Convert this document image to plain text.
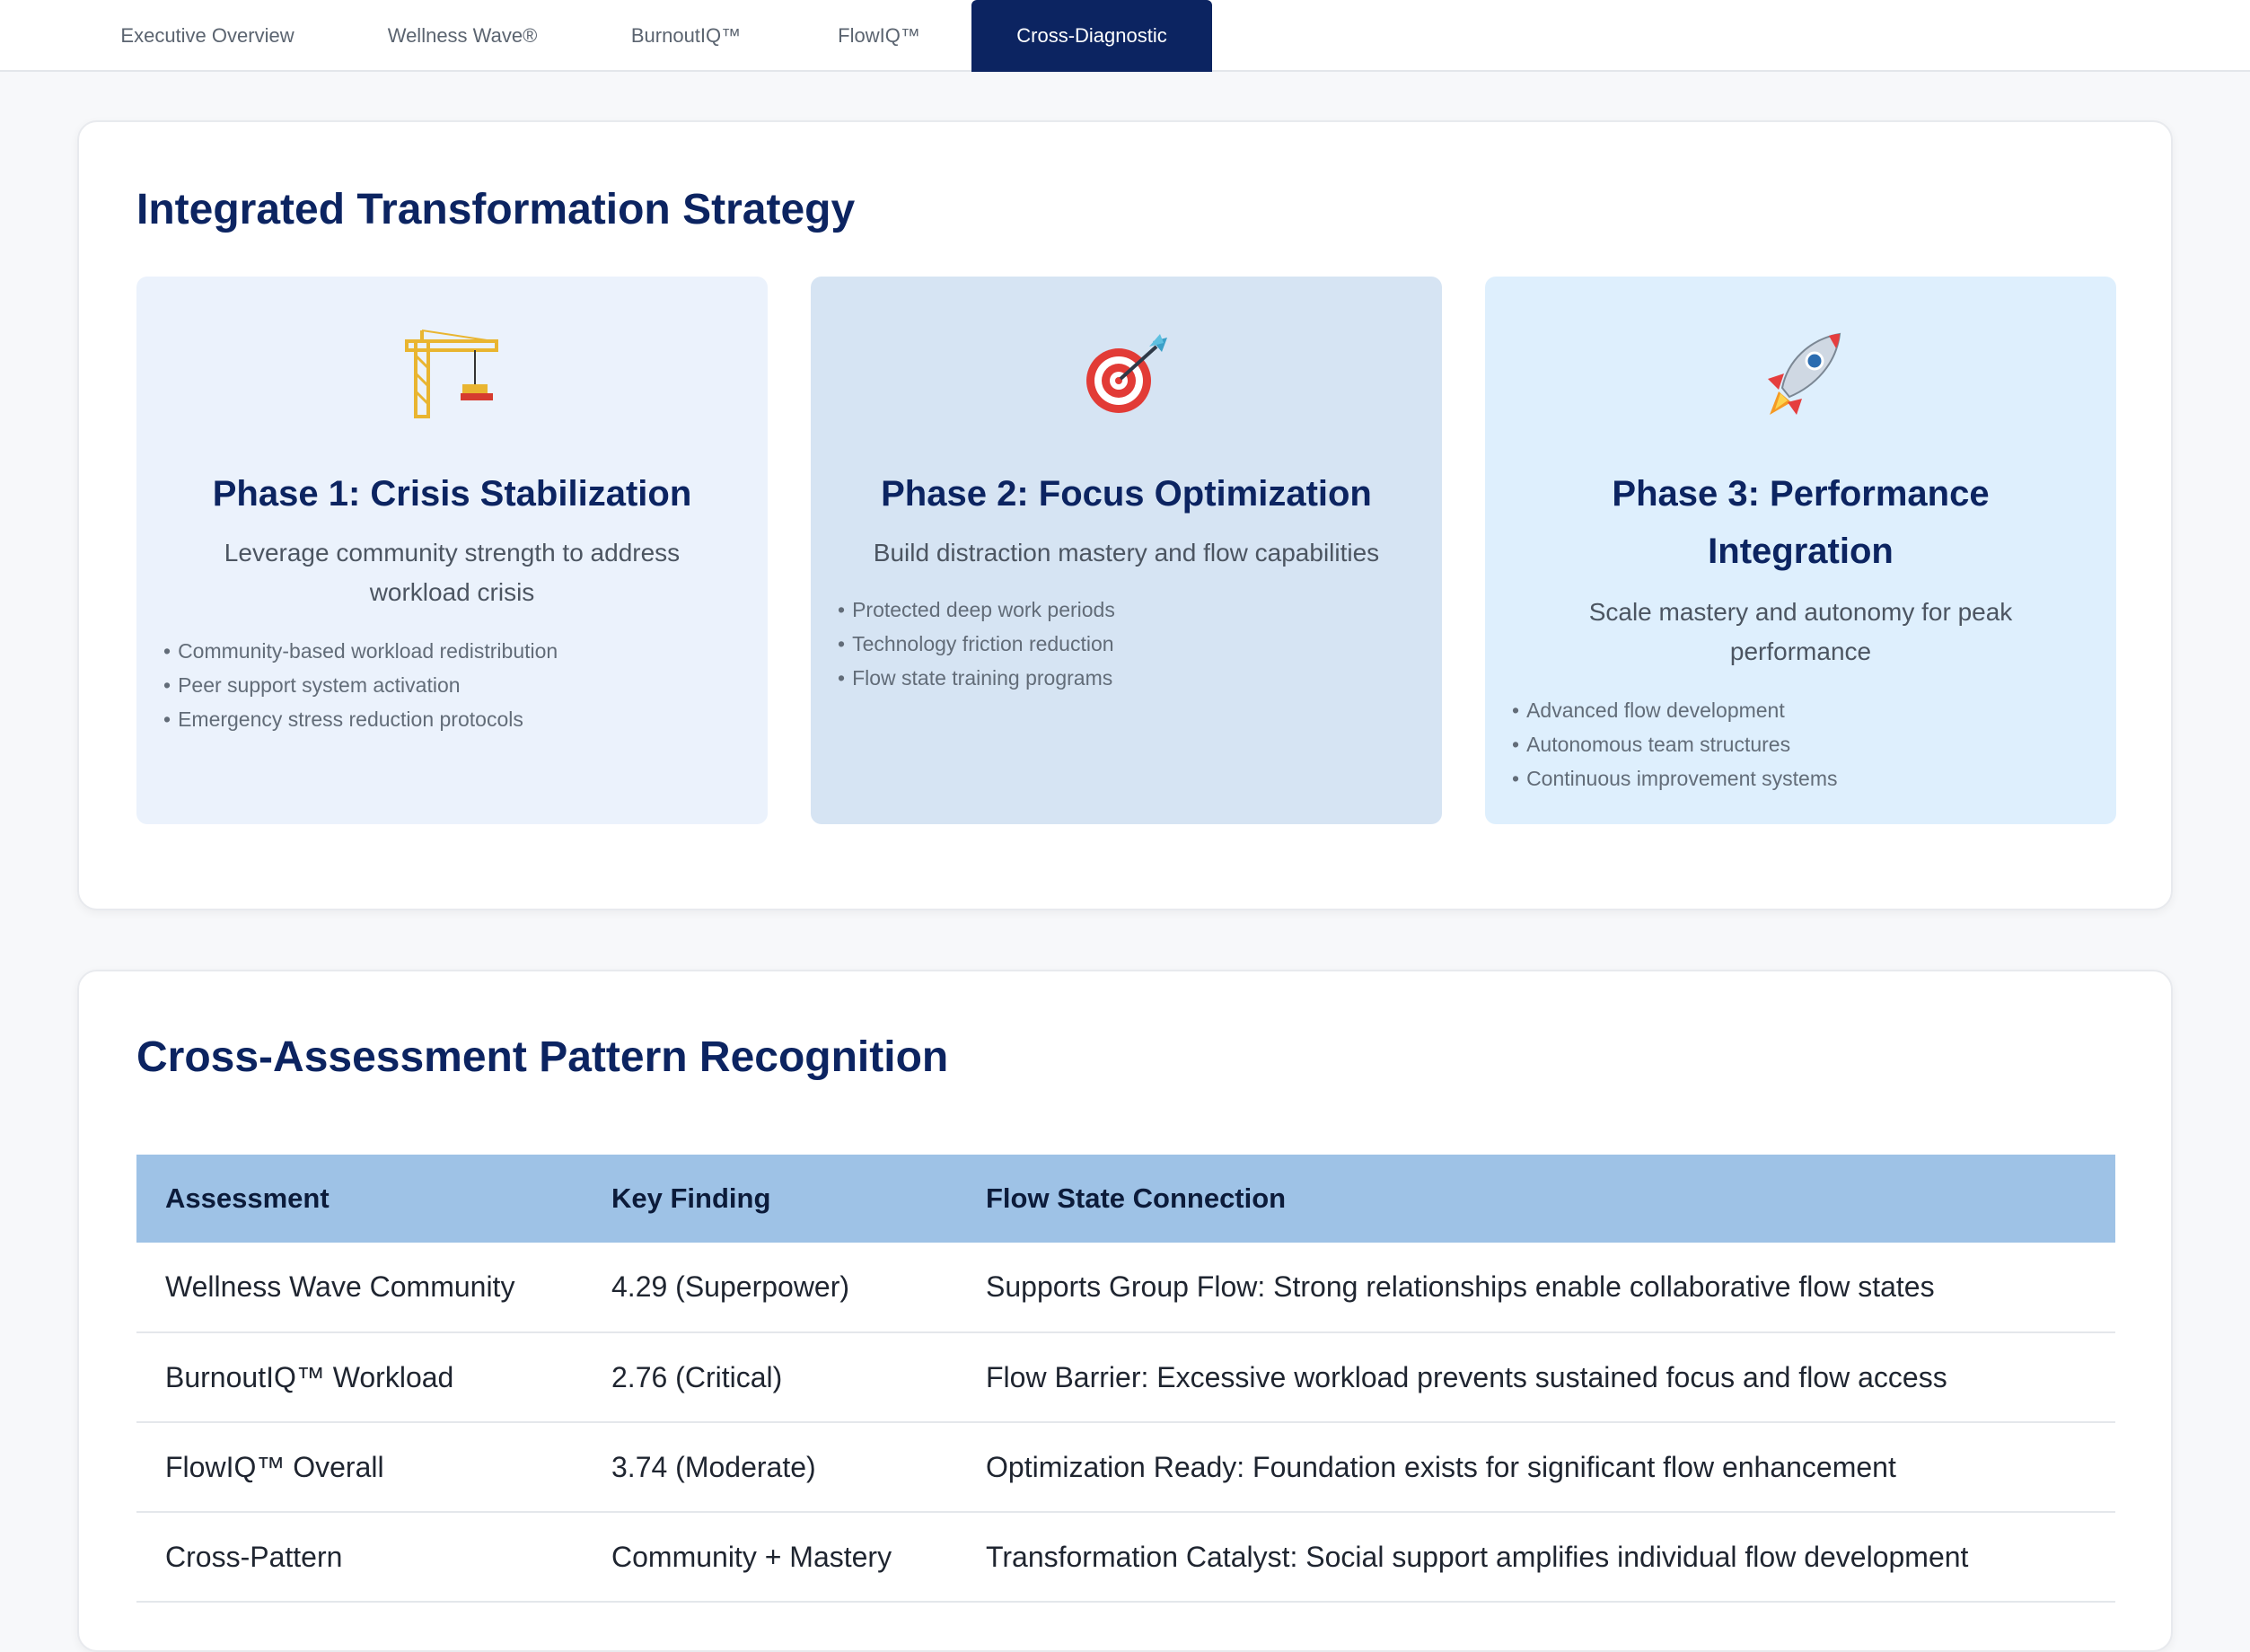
Executive Overview	Wellness Wave®	BurnoutIQ™	FlowIQ™	Cross-Diagnostic
Integrated Transformation Strategy
Phase 1: Crisis Stabilization
Leverage community strength to address workload crisis
• Community-based workload redistribution
• Peer support system activation
• Emergency stress reduction protocols
Phase 2: Focus Optimization
Build distraction mastery and flow capabilities
• Protected deep work periods
• Technology friction reduction
• Flow state training programs
Phase 3: Performance Integration
Scale mastery and autonomy for peak performance
• Advanced flow development
• Autonomous team structures
• Continuous improvement systems
Cross-Assessment Pattern Recognition
Assessment	Key Finding	Flow State Connection
Wellness Wave Community	4.29 (Superpower)	Supports Group Flow: Strong relationships enable collaborative flow states
BurnoutIQ™ Workload	2.76 (Critical)	Flow Barrier: Excessive workload prevents sustained focus and flow access
FlowIQ™ Overall	3.74 (Moderate)	Optimization Ready: Foundation exists for significant flow enhancement
Cross-Pattern	Community + Mastery	Transformation Catalyst: Social support amplifies individual flow development
